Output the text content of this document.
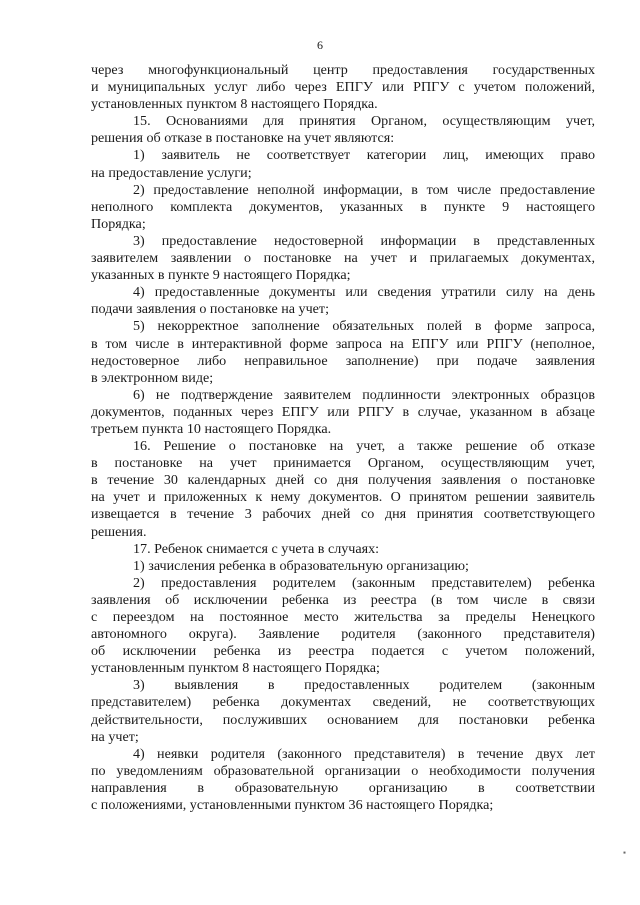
6
через многофункциональный центр предоставления государственных
и муниципальных услуг либо через ЕПГУ или РПГУ с учетом положений,
установленных пунктом 8 настоящего Порядка.
15. Основаниями для принятия Органом, осуществляющим учет,
решения об отказе в постановке на учет являются:
1) заявитель не соответствует категории лиц, имеющих право
на предоставление услуги;
2) предоставление неполной информации, в том числе предоставление
неполного комплекта документов, указанных в пункте 9 настоящего
Порядка;
3) предоставление недостоверной информации в представленных
заявителем заявлении о постановке на учет и прилагаемых документах,
указанных в пункте 9 настоящего Порядка;
4) предоставленные документы или сведения утратили силу на день
подачи заявления о постановке на учет;
5) некорректное заполнение обязательных полей в форме запроса,
в том числе в интерактивной форме запроса на ЕПГУ или РПГУ (неполное,
недостоверное либо неправильное заполнение) при подаче заявления
в электронном виде;
6) не подтверждение заявителем подлинности электронных образцов
документов, поданных через ЕПГУ или РПГУ в случае, указанном в абзаце
третьем пункта 10 настоящего Порядка.
16. Решение о постановке на учет, а также решение об отказе
в постановке на учет принимается Органом, осуществляющим учет,
в течение 30 календарных дней со дня получения заявления о постановке
на учет и приложенных к нему документов. О принятом решении заявитель
извещается в течение 3 рабочих дней со дня принятия соответствующего
решения.
17. Ребенок снимается с учета в случаях:
1) зачисления ребенка в образовательную организацию;
2) предоставления родителем (законным представителем) ребенка
заявления об исключении ребенка из реестра (в том числе в связи
с переездом на постоянное место жительства за пределы Ненецкого
автономного округа). Заявление родителя (законного представителя)
об исключении ребенка из реестра подается с учетом положений,
установленным пунктом 8 настоящего Порядка;
3) выявления в предоставленных родителем (законным
представителем) ребенка документах сведений, не соответствующих
действительности, послуживших основанием для постановки ребенка
на учет;
4) неявки родителя (законного представителя) в течение двух лет
по уведомлениям образовательной организации о необходимости получения
направления в образовательную организацию в соответствии
с положениями, установленными пунктом 36 настоящего Порядка;
▪
